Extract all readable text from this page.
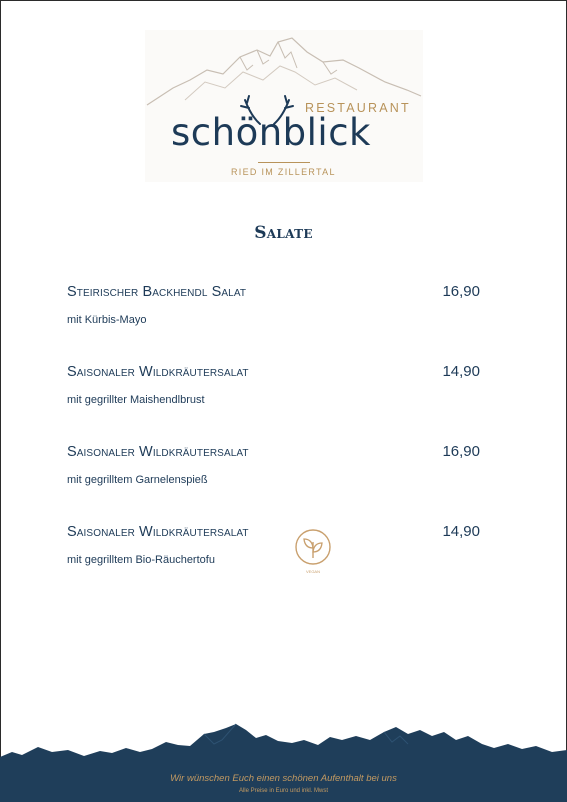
RESTAURANT
schönblick
RIED IM ZILLERTAL
Salate
Steirischer Backhendl Salat
mit Kürbis-Mayo
16,90
Saisonaler Wildkräutersalat
mit gegrillter Maishendlbrust
14,90
Saisonaler Wildkräutersalat
mit gegrilltem Garnelenspieß
16,90
Saisonaler Wildkräutersalat
mit gegrilltem Bio-Räuchertofu
14,90
VEGAN
Wir wünschen Euch einen schönen Aufenthalt bei uns
Alle Preise in Euro und inkl. Mwst
